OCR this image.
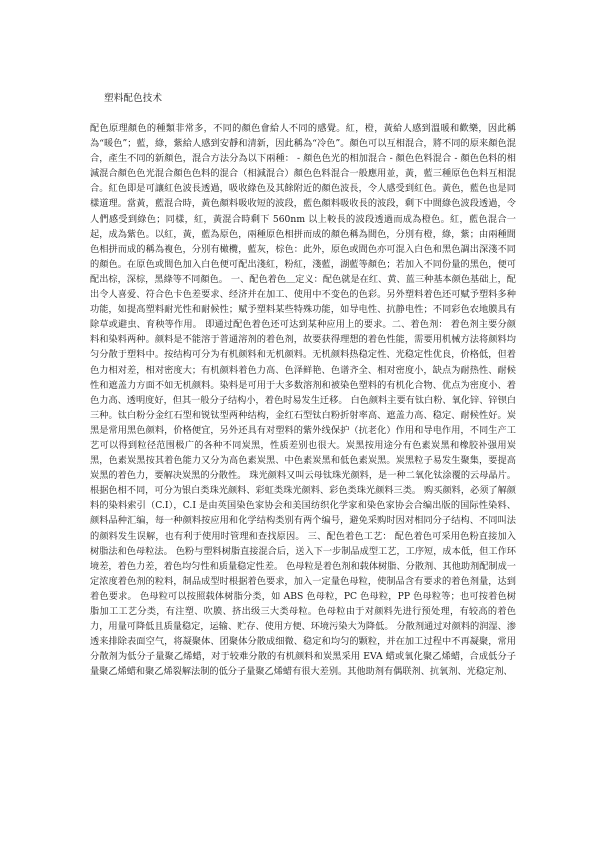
塑料配色技术

配色原理顏色的種類非常多，不同的顏色會給人不同的感覺。紅，橙，黃給人感到溫暖和歡樂，因此稱為“暖色”；藍，綠，紫給人感到安靜和清新，因此稱為“冷色”。顏色可以互相混合，將不同的原来顏色混合，產生不同的新顏色，混合方法分為以下兩種： - 顏色色光的相加混合 - 顏色色料混合 - 顏色色料的相減混合顏色色光混合顏色色料的混合（相減混合）顏色色料混合一般應用並，黃，藍三種原色色料互相混合。紅色即是可讓紅色波長透過，吸收綠色及其餘附近的顏色波長，令人感受到紅色。黃色，藍色也是同樣道理。當黃，藍混合時，黃色顏料吸收短的波段，藍色顏料吸收長的波段，剩下中間綠色波段透過，令人們感受到綠色；同樣，紅，黃混合時剩下 560nm 以上較長的波段透過而成為橙色。紅，藍色混合一起，成為紫色。以紅，黃，藍為原色，兩種原色相拼而成的顏色稱為間色，分別有橙，綠，紫；由兩種間色相拼而成的稱為複色，分別有橄欖，藍灰，棕色：此外，原色或間色亦可混入白色和黑色調出深淺不同的顏色。在原色或間色加入白色便可配出淺紅，粉紅，淺藍，湖藍等顏色；若加入不同份量的黑色，便可配出棕，深棕，黑綠等不同顏色。 一、配色着色＿定义：配色就是在红、黄、蓝三种基本颜色基础上，配出令人喜爱、符合色卡色差要求、经济并在加工、使用中不变色的色彩。另外塑料着色还可赋予塑料多种功能，如提高塑料耐光性和耐候性；赋予塑料某些特殊功能，如导电性、抗静电性；不同彩色农地膜具有除草或避虫、育秧等作用。 即通过配色着色还可达到某种应用上的要求。二、着色剂： 着色剂主要分颜料和染料两种。颜料是不能溶于普通溶剂的着色剂，故要获得理想的着色性能，需要用机械方法将颜料均匀分散于塑料中。按结构可分为有机颜料和无机颜料。无机颜料热稳定性、光稳定性优良，价格低，但着色力相对差，相对密度大；有机颜料着色力高、色泽鲜艳、色谱齐全、相对密度小，缺点为耐热性、耐候性和遮盖力方面不如无机颜料。染料是可用于大多数溶剂和被染色塑料的有机化合物、优点为密度小、着色力高、透明度好，但其一般分子结构小，着色时易发生迁移。 白色颜料主要有钛白粉、氧化锌、锌钡白三种。钛白粉分金红石型和锐钛型两种结构，金红石型钛白粉折射率高、遮盖力高、稳定、耐候性好。炭黑是常用黑色颜料，价格便宜，另外还具有对塑料的紫外线保护（抗老化）作用和导电作用，不同生产工艺可以得到粒径范围极广的各种不同炭黑，性质差别也很大。炭黑按用途分有色素炭黑和橡胶补强用炭黑，色素炭黑按其着色能力又分为高色素炭黑、中色素炭黑和低色素炭黑。炭黑粒子易发生聚集，要提高炭黑的着色力，要解决炭黑的分散性。 珠光颜料又叫云母钛珠光颜料，是一种二氧化钛涂覆的云母晶片。根据色相不同，可分为银白类珠光颜料、彩虹类珠光颜料、彩色类珠光颜料三类。 购买颜料，必须了解颜料的染料索引（C.I），C.I 是由英国染色家协会和美国纺织化学家和染色家协会合编出版的国际性染料、颜料品种汇编，每一种颜料按应用和化学结构类别有两个编号，避免采购时因对相同分子结构、不同叫法的颜料发生误解，也有利于使用时管理和查找原因。 三、配色着色工艺： 配色着色可采用色粉直接加入树脂法和色母粒法。 色粉与塑料树脂直接混合后，送入下一步制品成型工艺，工序短，成本低，但工作环境差，着色力差，着色均匀性和质量稳定性差。 色母粒是着色剂和载体树脂、分散剂、其他助剂配制成一定浓度着色剂的粒料，制品成型时根据着色要求，加入一定量色母粒，使制品含有要求的着色剂量，达到着色要求。 色母粒可以按照载体树脂分类，如 ABS 色母粒，PC 色母粒，PP 色母粒等；也可按着色树脂加工工艺分类，有注塑、吹膜、挤出级三大类母粒。色母粒由于对颜料先进行预处理，有较高的着色力，用量可降低且质量稳定，运输、贮存、使用方便、环境污染大为降低。 分散剂通过对颜料的润湿、渗透来排除表面空气，将凝聚体、团聚体分散成细微、稳定和均匀的颗粒，并在加工过程中不再凝聚，常用分散剂为低分子量聚乙烯蜡，对于较难分散的有机颜料和炭黑采用 EVA 蜡或氧化聚乙烯蜡，合成低分子量聚乙烯蜡和聚乙烯裂解法制的低分子量聚乙烯蜡有很大差别。其他助剂有偶联剂、抗氧剂、光稳定剂、
